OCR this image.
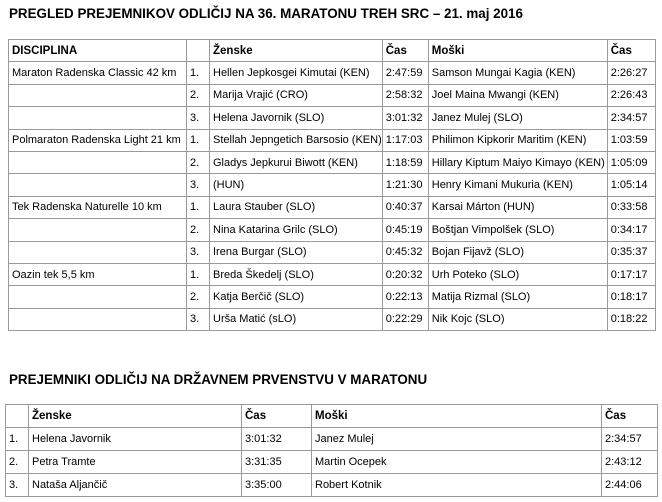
PREGLED PREJEMNIKOV ODLIČIJ NA 36. MARATONU TREH SRC – 21. maj 2016
DISCIPLINA		Ženske	Čas	Moški	Čas
Maraton Radenska Classic 42 km	1.	Hellen Jepkosgei Kimutai (KEN)	2:47:59	Samson Mungai Kagia (KEN)	2:26:27
	2.	Marija Vrajić (CRO)	2:58:32	Joel Maina Mwangi (KEN)	2:26:43
	3.	Helena Javornik (SLO)	3:01:32	Janez Mulej (SLO)	2:34:57
Polmaraton Radenska Light 21 km	1.	Stellah Jepngetich Barsosio (KEN)	1:17:03	Philimon Kipkorir Maritim (KEN)	1:03:59
	2.	Gladys Jepkurui Biwott (KEN)	1:18:59	Hillary Kiptum Maiyo Kimayo (KEN)	1:05:09
	3.	(HUN)	1:21:30	Henry Kimani Mukuria (KEN)	1:05:14
Tek Radenska Naturelle 10 km	1.	Laura Stauber (SLO)	0:40:37	Karsai Márton (HUN)	0:33:58
	2.	Nina Katarina Grilc (SLO)	0:45:19	Boštjan Vimpolšek (SLO)	0:34:17
	3.	Irena Burgar (SLO)	0:45:32	Bojan Fijavž (SLO)	0:35:37
Oazin tek 5,5 km	1.	Breda Škedelj (SLO)	0:20:32	Urh Poteko (SLO)	0:17:17
	2.	Katja Berčič (SLO)	0:22:13	Matija Rizmal (SLO)	0:18:17
	3.	Urša Matić (sLO)	0:22:29	Nik Kojc (SLO)	0:18:22
PREJEMNIKI ODLIČIJ NA DRŽAVNEM PRVENSTVU V MARATONU
	Ženske	Čas	Moški	Čas
1.	Helena Javornik	3:01:32	Janez Mulej	2:34:57
2.	Petra Tramte	3:31:35	Martin Ocepek	2:43:12
3.	Nataša Aljančič	3:35:00	Robert Kotnik	2:44:06
